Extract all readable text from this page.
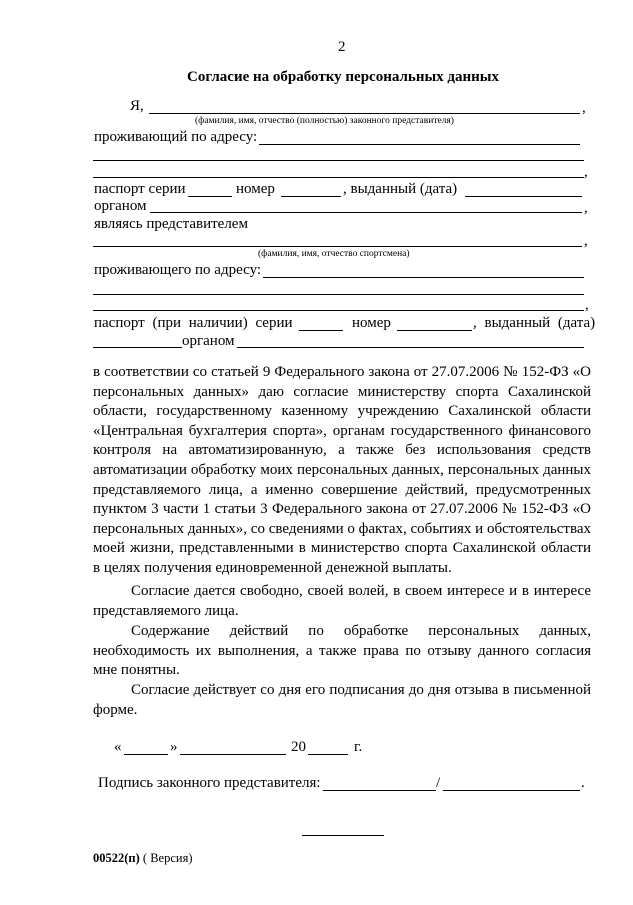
2
Согласие на обработку персональных данных
Я,	,
(фамилия, имя, отчество (полностью) законного представителя)
проживающий по адресу:
,
паспорт серии	номер	, выданный (дата)
органом	,
являясь представителем
,
(фамилия, имя, отчество спортсмена)
проживающего по адресу:
,
паспорт (при наличии) серии	номер	, выданный (дата)
органом
в соответствии со статьей 9 Федерального закона от 27.07.2006 № 152-ФЗ «О персональных данных» даю согласие министерству спорта Сахалинской области, государственному казенному учреждению Сахалинской области «Центральная бухгалтерия спорта», органам государственного финансового контроля на автоматизированную, а также без использования средств автоматизации обработку моих персональных данных, персональных данных представляемого лица, а именно совершение действий, предусмотренных пунктом 3 части 1 статьи 3 Федерального закона от 27.07.2006 № 152-ФЗ «О персональных данных», со сведениями о фактах, событиях и обстоятельствах моей жизни, представленными в министерство спорта Сахалинской области в целях получения единовременной денежной выплаты.
Согласие дается свободно, своей волей, в своем интересе и в интересе представляемого лица.
Содержание действий по обработке персональных данных, необходимость их выполнения, а также права по отзыву данного согласия мне понятны.
Согласие действует со дня его подписания до дня отзыва в письменной форме.
«	»	20	г.
Подпись законного представителя:	/	.
00522(п) ( Версия)
